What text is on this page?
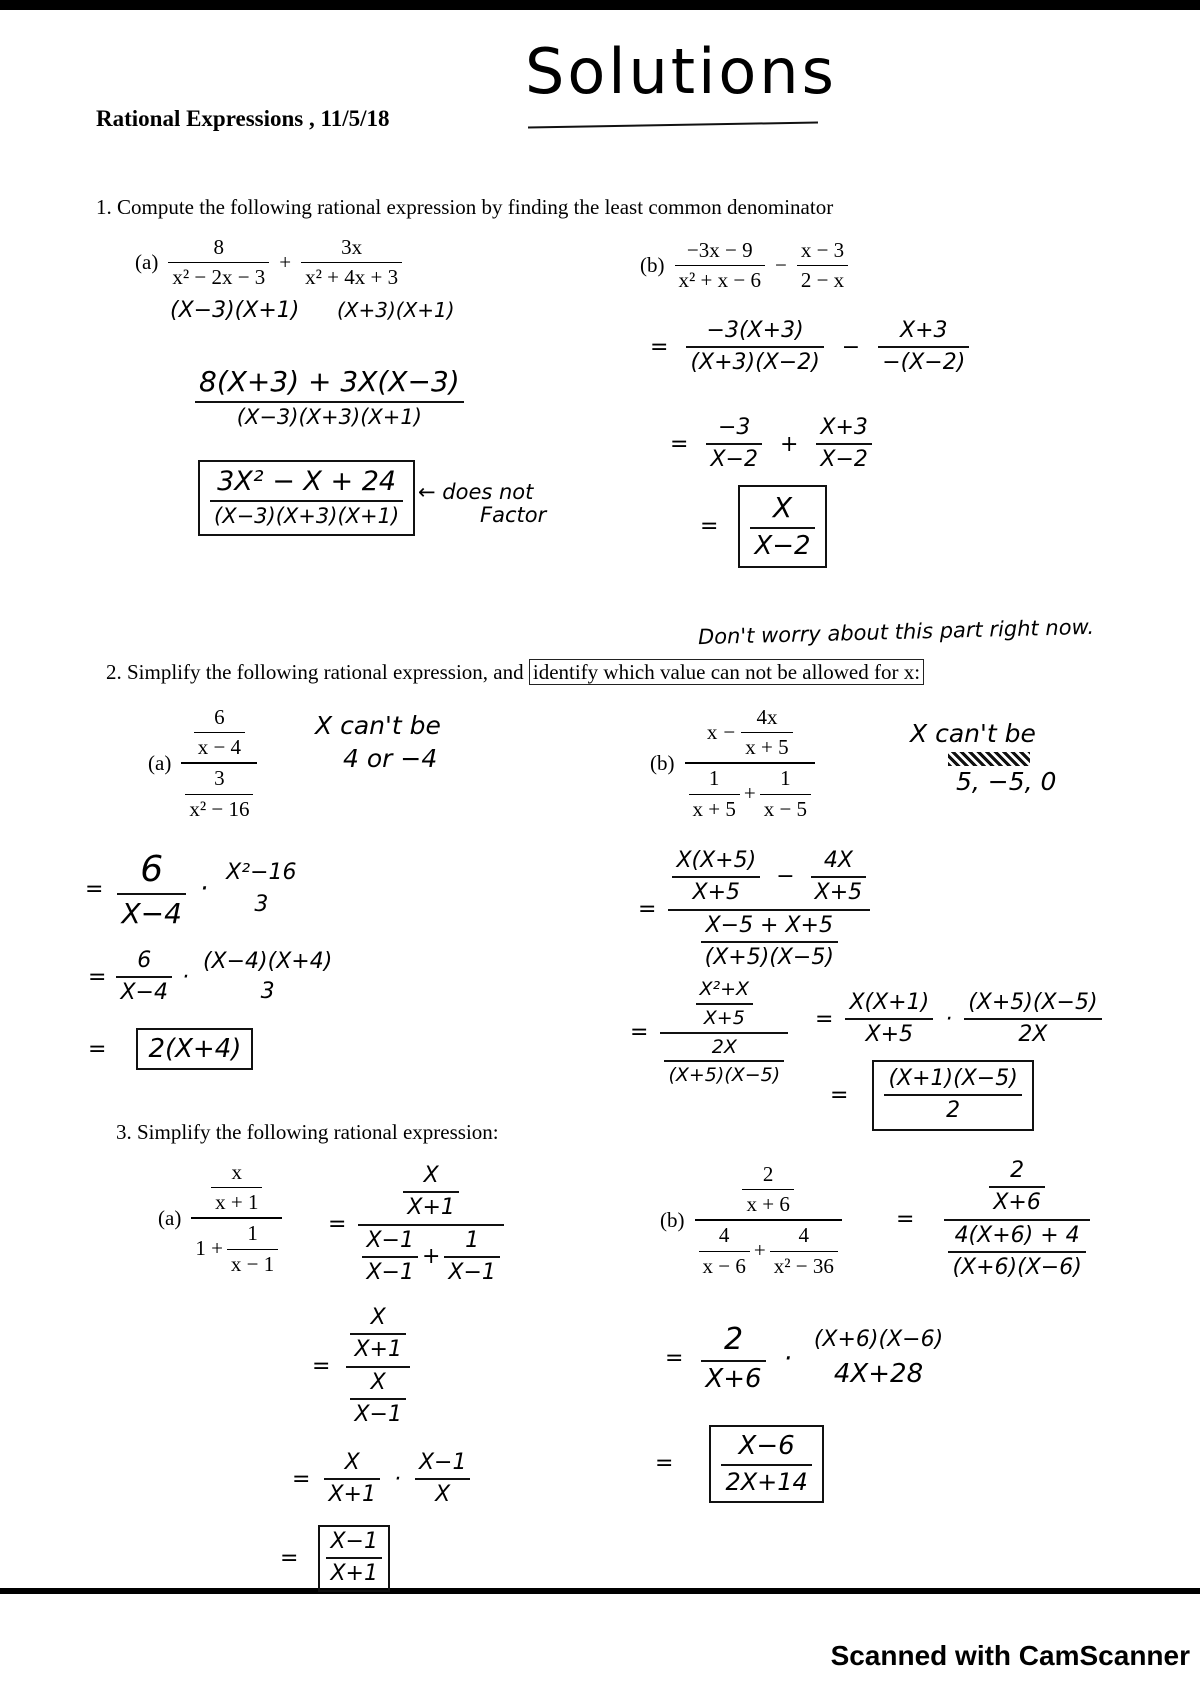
Solutions
Rational Expressions , 11/5/18
1. Compute the following rational expression by finding the least common denominator
$(a) \frac{8}{\text{x² − 2x − 3}} + \frac{3x}{\text{x² + 4x + 3}}$
(X−3)(X+1) (X+3)(X+1)
$\frac{8(X+3) + 3X(X-3)}{(X-3)(X+3)(X+1)}$
$\frac{\text{3X² − X + 24}}{(X-3)(X+3)(X+1)}$ ← does not
Factor
$(b) \frac{-3x - 9}{\text{x² + x − 6}} - \frac{x - 3}{2 - x}$
= $\frac{-3(X+3)}{(X+3)(X-2)} - \frac{X+3}{-(X-2)}$
= $\frac{-3}{X-2} + \frac{X+3}{X-2}$
= $\frac{X}{X-2}$
Don't worry about this part right now.
2. Simplify the following rational expression, and identify which value can not be allowed for x:
$(a) \frac{\frac{6}{x - 4}}{\frac{3}{\text{x² − 16}}}$ X can't be
4 or −4
= $\frac{6}{X-4}$ ·
X²−16
3
= $\frac{6}{X-4}$ ·
(X−4)(X+4)
3
=	2(X+4)
$(b) \frac{x - \frac{4x}{x + 5}}{\frac{1}{x + 5} + \frac{1}{x - 5}}$	X can't be
5, −5, 0
= $\frac{\frac{X(X+5)}{X+5} - \frac{4X}{X+5}}{\frac{X-5 + X+5}{(X+5)(X-5)}}$
= $\frac{\frac{\text{X²+X}}{X+5}}{\frac{2X}{(X+5)(X-5)}} = \frac{X(X+1)}{X+5} \cdot \frac{(X+5)(X-5)}{2X}$
= $\frac{(X+1)(X-5)}{2}$
3. Simplify the following rational expression:
$(a) \frac{\frac{x}{x + 1}}{1 + \frac{1}{x - 1}} = \frac{\frac{X}{X+1}}{\frac{X-1}{X-1} + \frac{1}{X-1}}$
= $\frac{\frac{X}{X+1}}{\frac{X}{X-1}}$
= $\frac{X}{X+1} \cdot \frac{X-1}{X}$
= $\frac{X-1}{X+1}$
$(b) \frac{\frac{2}{x + 6}}{\frac{4}{x - 6} + \frac{4}{\text{x² − 36}}} = \frac{\frac{2}{X+6}}{\frac{4(X+6) + 4}{(X+6)(X-6)}}$
= $\frac{2}{X+6}$ ·
(X+6)(X−6)
4X+28
= $\frac{X-6}{2X+14}$
Scanned with CamScanner
